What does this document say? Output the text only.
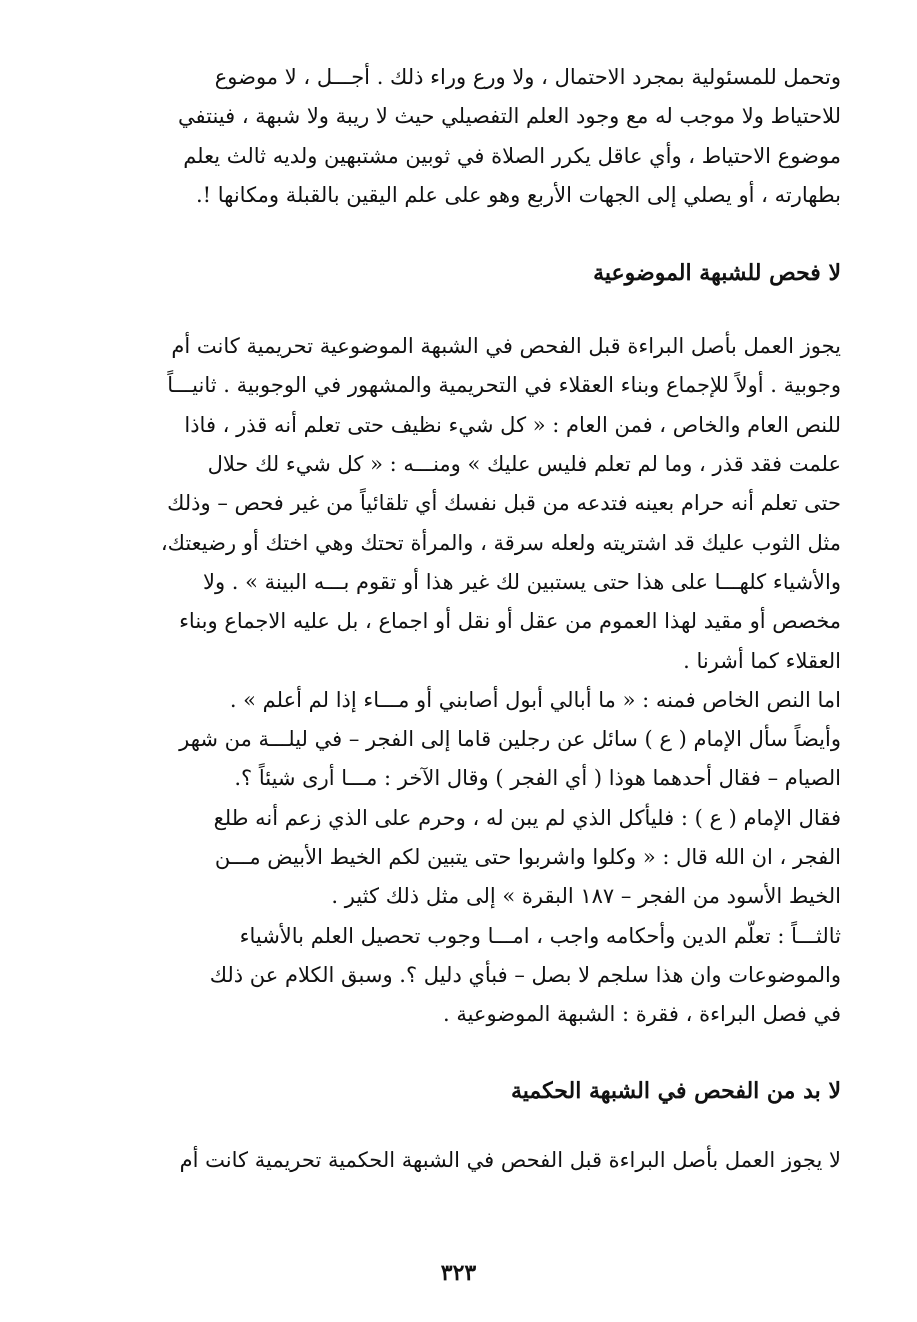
وتحمل للمسئولية بمجرد الاحتمال ، ولا ورع وراء ذلك . أجـــل ، لا موضوع
للاحتياط ولا موجب له مع وجود العلم التفصيلي حيث لا ريبة ولا شبهة ، فينتفي
موضوع الاحتياط ، وأي عاقل يكرر الصلاة في ثوبين مشتبهين ولديه ثالث يعلم
بطهارته ، أو يصلي إلى الجهات الأربع وهو على علم اليقين بالقبلة ومكانها !.

لا فحص للشبهة الموضوعية

يجوز العمل بأصل البراءة قبل الفحص في الشبهة الموضوعية تحريمية كانت أم
وجوبية . أولاً للإجماع وبناء العقلاء في التحريمية والمشهور في الوجوبية . ثانيـــاً
للنص العام والخاص ، فمن العام : « كل شيء نظيف حتى تعلم أنه قذر ، فاذا
علمت فقد قذر ، وما لم تعلم فليس عليك » ومنـــه : « كل شيء لك حلال
حتى تعلم أنه حرام بعينه فتدعه من قبل نفسك أي تلقائياً من غير فحص – وذلك
مثل الثوب عليك قد اشتريته ولعله سرقة ، والمرأة تحتك وهي اختك أو رضيعتك،
والأشياء كلهـــا على هذا حتى يستبين لك غير هذا أو تقوم بـــه البينة » . ولا
مخصص أو مقيد لهذا العموم من عقل أو نقل أو اجماع ، بل عليه الاجماع وبناء
العقلاء كما أشرنا .

اما النص الخاص فمنه : « ما أبالي أبول أصابني أو مـــاء إذا لم أعلم » .
وأيضاً سأل الإمام ( ع ) سائل عن رجلين قاما إلى الفجر – في ليلـــة من شهر
الصيام – فقال أحدهما هوذا ( أي الفجر ) وقال الآخر : مـــا أرى شيئاً ؟.
فقال الإمام ( ع ) : فليأكل الذي لم يبن له ، وحرم على الذي زعم أنه طلع
الفجر ، ان الله قال : « وكلوا واشربوا حتى يتبين لكم الخيط الأبيض مـــن
الخيط الأسود من الفجر – ١٨٧ البقرة » إلى مثل ذلك كثير .

ثالثـــاً : تعلّم الدين وأحكامه واجب ، امـــا وجوب تحصيل العلم بالأشياء
والموضوعات وان هذا سلجم لا بصل – فبأي دليل ؟. وسبق الكلام عن ذلك
في فصل البراءة ، فقرة : الشبهة الموضوعية .

لا بد من الفحص في الشبهة الحكمية

لا يجوز العمل بأصل البراءة قبل الفحص في الشبهة الحكمية تحريمية كانت أم

٣٢٣
